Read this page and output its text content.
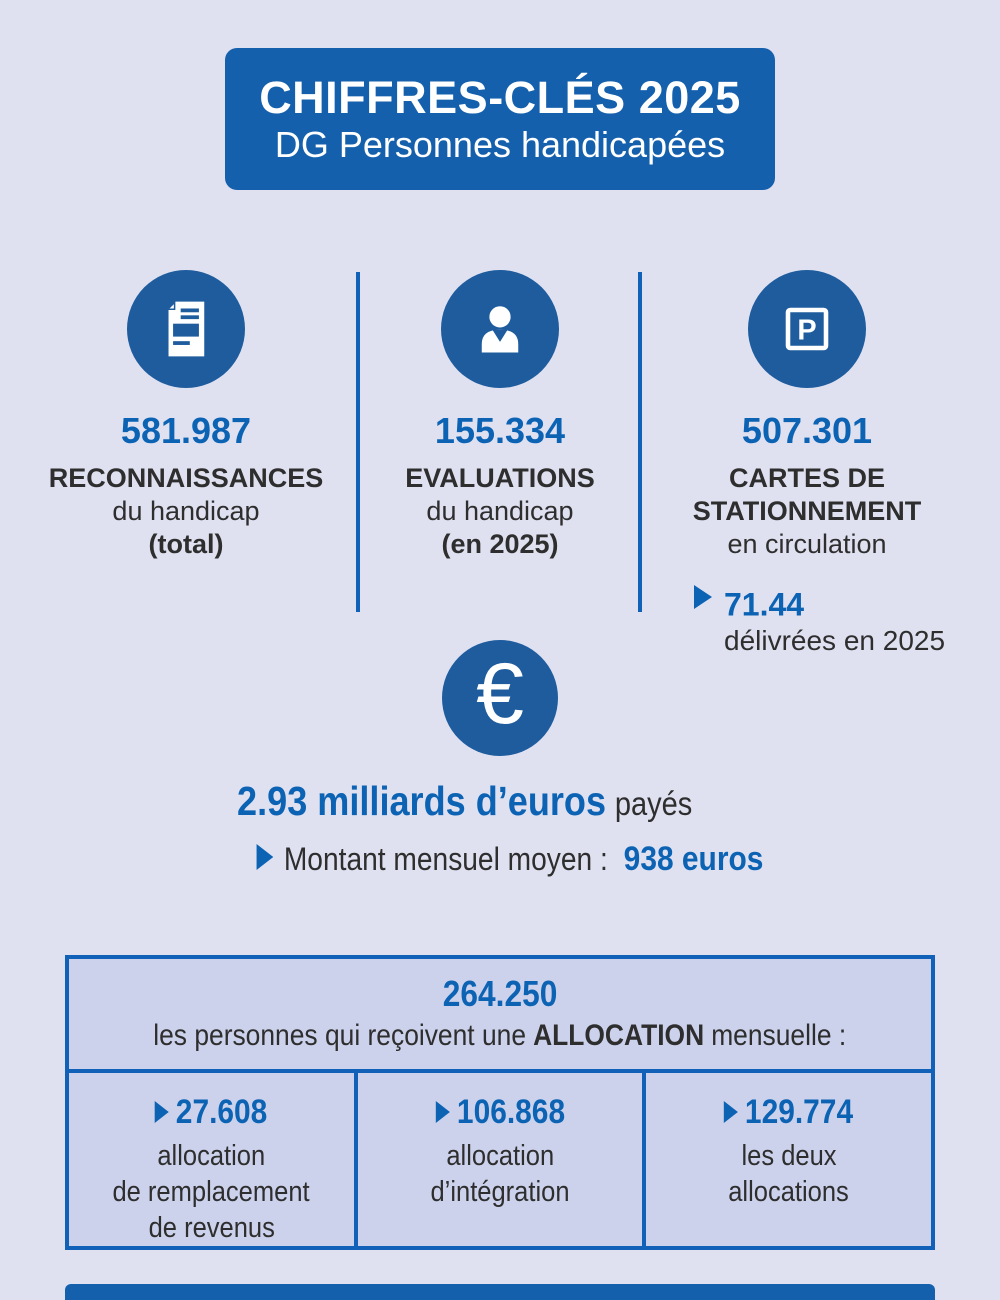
CHIFFRES-CLÉS 2025
DG Personnes handicapées
581.987
RECONNAISSANCES
du handicap
(total)
155.334
EVALUATIONS
du handicap
(en 2025)
P
507.301
CARTES DE
STATIONNEMENT
en circulation
71.44
délivrées en 2025
€
2.93 milliards d’euros payés
Montant mensuel moyen : 938 euros
264.250
les personnes qui reçoivent une ALLOCATION mensuelle :
27.608
allocation
de remplacement
de revenus
106.868
allocation
d’intégration
129.774
les deux
allocations
